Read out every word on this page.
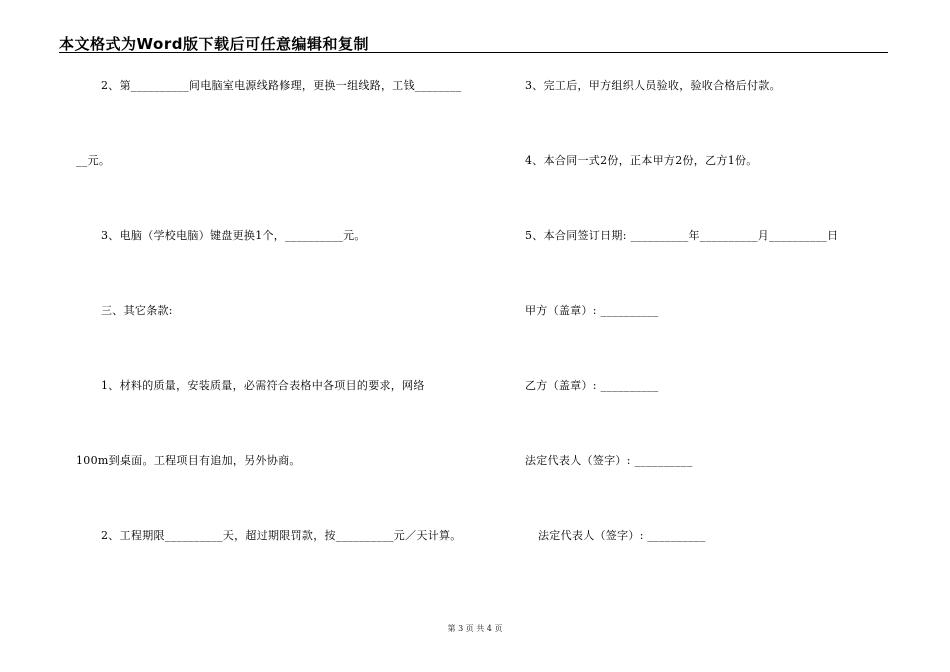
本文格式为Word版下载后可任意编辑和复制
2、第__________间电脑室电源线路修理，更换一组线路，工钱________
__元。
3、电脑（学校电脑）键盘更换1个，__________元。
三、其它条款:
1、材料的质量，安装质量，必需符合表格中各项目的要求，网络
100m到桌面。工程项目有追加，另外协商。
2、工程期限__________天，超过期限罚款，按__________元／天计算。
3、完工后，甲方组织人员验收，验收合格后付款。
4、本合同一式2份，正本甲方2份，乙方1份。
5、本合同签订日期: __________年__________月__________日
甲方（盖章）: __________
乙方（盖章）: __________
法定代表人（签字）: __________
法定代表人（签字）: __________
第 3 页 共 4 页
